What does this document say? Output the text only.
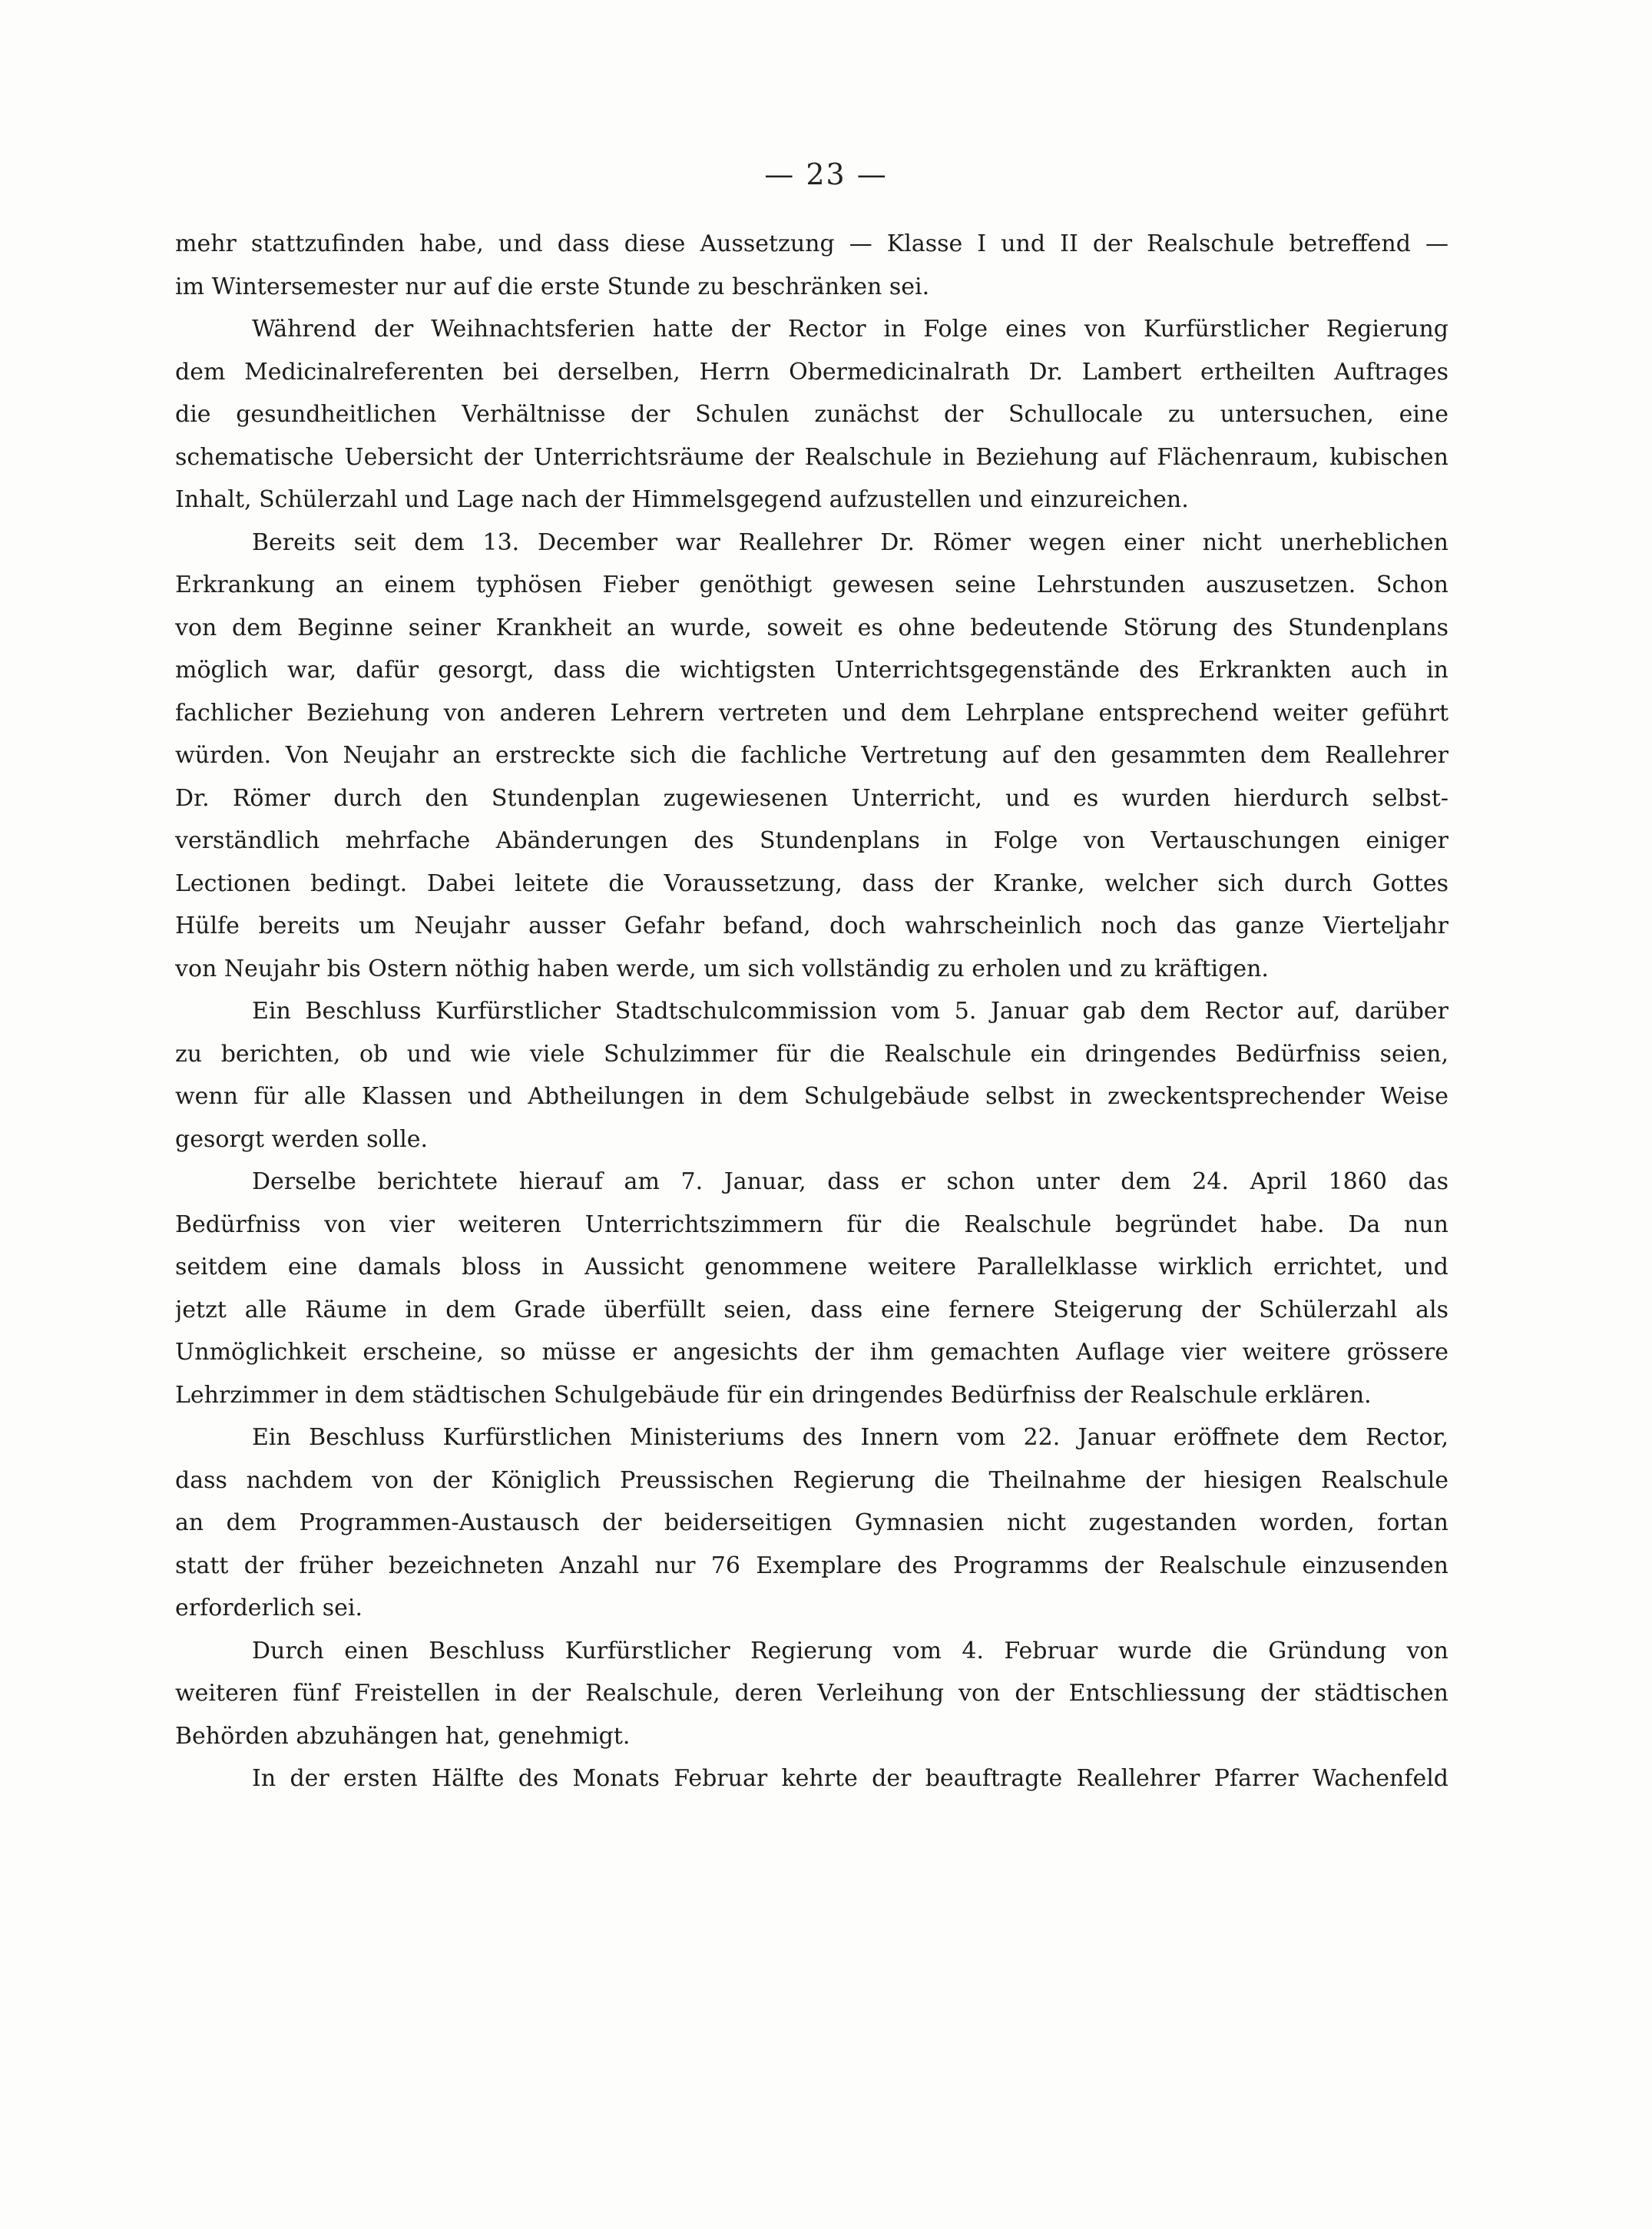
— 23 —
mehr stattzufinden habe, und dass diese Aussetzung — Klasse I und II der Realschule betreffend —
im Wintersemester nur auf die erste Stunde zu beschränken sei.
Während der Weihnachtsferien hatte der Rector in Folge eines von Kurfürstlicher Regierung
dem Medicinalreferenten bei derselben, Herrn Obermedicinalrath Dr. Lambert ertheilten Auftrages
die gesundheitlichen Verhältnisse der Schulen zunächst der Schullocale zu untersuchen, eine
schematische Uebersicht der Unterrichtsräume der Realschule in Beziehung auf Flächenraum, kubischen
Inhalt, Schülerzahl und Lage nach der Himmelsgegend aufzustellen und einzureichen.
Bereits seit dem 13. December war Reallehrer Dr. Römer wegen einer nicht unerheblichen
Erkrankung an einem typhösen Fieber genöthigt gewesen seine Lehrstunden auszusetzen. Schon
von dem Beginne seiner Krankheit an wurde, soweit es ohne bedeutende Störung des Stundenplans
möglich war, dafür gesorgt, dass die wichtigsten Unterrichtsgegenstände des Erkrankten auch in
fachlicher Beziehung von anderen Lehrern vertreten und dem Lehrplane entsprechend weiter geführt
würden. Von Neujahr an erstreckte sich die fachliche Vertretung auf den gesammten dem Reallehrer
Dr. Römer durch den Stundenplan zugewiesenen Unterricht, und es wurden hierdurch selbst-
verständlich mehrfache Abänderungen des Stundenplans in Folge von Vertauschungen einiger
Lectionen bedingt. Dabei leitete die Voraussetzung, dass der Kranke, welcher sich durch Gottes
Hülfe bereits um Neujahr ausser Gefahr befand, doch wahrscheinlich noch das ganze Vierteljahr
von Neujahr bis Ostern nöthig haben werde, um sich vollständig zu erholen und zu kräftigen.
Ein Beschluss Kurfürstlicher Stadtschulcommission vom 5. Januar gab dem Rector auf, darüber
zu berichten, ob und wie viele Schulzimmer für die Realschule ein dringendes Bedürfniss seien,
wenn für alle Klassen und Abtheilungen in dem Schulgebäude selbst in zweckentsprechender Weise
gesorgt werden solle.
Derselbe berichtete hierauf am 7. Januar, dass er schon unter dem 24. April 1860 das
Bedürfniss von vier weiteren Unterrichtszimmern für die Realschule begründet habe. Da nun
seitdem eine damals bloss in Aussicht genommene weitere Parallelklasse wirklich errichtet, und
jetzt alle Räume in dem Grade überfüllt seien, dass eine fernere Steigerung der Schülerzahl als
Unmöglichkeit erscheine, so müsse er angesichts der ihm gemachten Auflage vier weitere grössere
Lehrzimmer in dem städtischen Schulgebäude für ein dringendes Bedürfniss der Realschule erklären.
Ein Beschluss Kurfürstlichen Ministeriums des Innern vom 22. Januar eröffnete dem Rector,
dass nachdem von der Königlich Preussischen Regierung die Theilnahme der hiesigen Realschule
an dem Programmen-Austausch der beiderseitigen Gymnasien nicht zugestanden worden, fortan
statt der früher bezeichneten Anzahl nur 76 Exemplare des Programms der Realschule einzusenden
erforderlich sei.
Durch einen Beschluss Kurfürstlicher Regierung vom 4. Februar wurde die Gründung von
weiteren fünf Freistellen in der Realschule, deren Verleihung von der Entschliessung der städtischen
Behörden abzuhängen hat, genehmigt.
In der ersten Hälfte des Monats Februar kehrte der beauftragte Reallehrer Pfarrer Wachenfeld
